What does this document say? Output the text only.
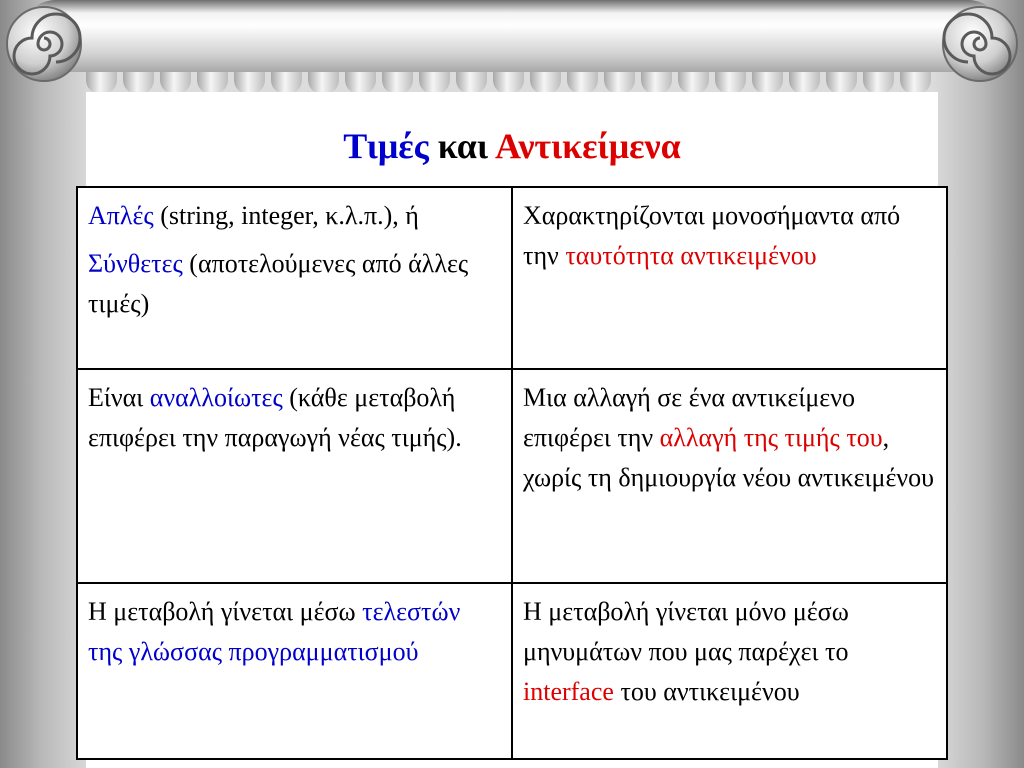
Τιμές και Αντικείμενα

Απλές (string, integer, κ.λ.π.), ή

Σύνθετες (αποτελούμενες από άλλες τιμές)	Χαρακτηρίζονται μονοσήμαντα από την ταυτότητα αντικειμένου
Είναι αναλλοίωτες (κάθε μεταβολή επιφέρει την παραγωγή νέας τιμής).	Μια αλλαγή σε ένα αντικείμενο επιφέρει την αλλαγή της τιμής του, χωρίς τη δημιουργία νέου αντικειμένου
Η μεταβολή γίνεται μέσω τελεστών της γλώσσας προγραμματισμού	Η μεταβολή γίνεται μόνο μέσω μηνυμάτων που μας παρέχει το interface του αντικειμένου
